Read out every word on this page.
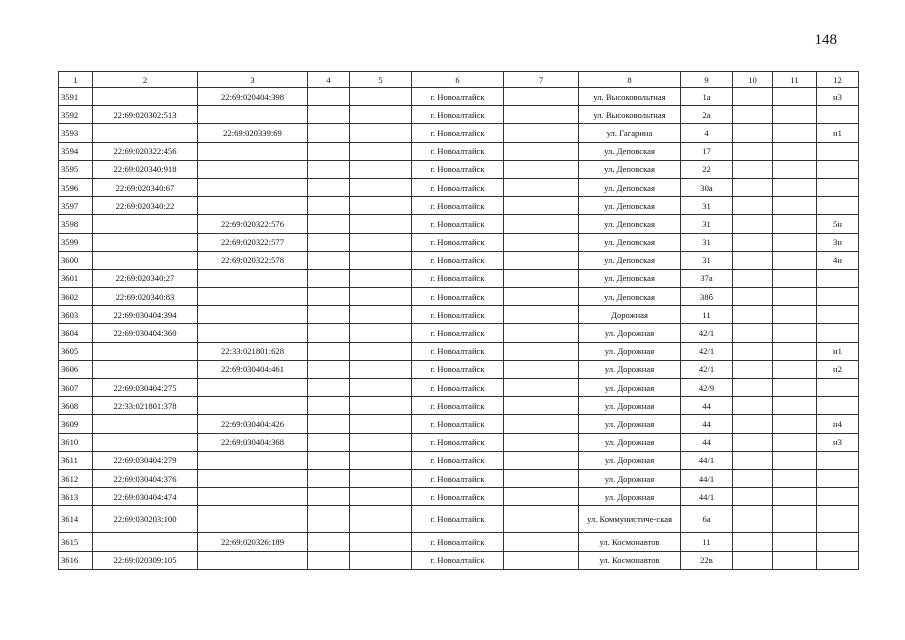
148
1	2	3	4	5	6	7	8	9	10	11	12
3591		22:69:020404:398			г. Новоалтайск		ул. Высоковольтная	1а			н3
3592	22:69:020302:513				г. Новоалтайск		ул. Высоковольтная	2а			
3593		22:69:020339:69			г. Новоалтайск		ул. Гагарина	4			н1
3594	22:69:020322:456				г. Новоалтайск		ул. Деповская	17			
3595	22:69:020340:918				г. Новоалтайск		ул. Деповская	22			
3596	22:69:020340:67				г. Новоалтайск		ул. Деповская	30а			
3597	22:69:020340:22				г. Новоалтайск		ул. Деповская	31			
3598		22:69:020322:576			г. Новоалтайск		ул. Деповская	31			5н
3599		22:69:020322:577			г. Новоалтайск		ул. Деповская	31			3н
3600		22:69:020322:578			г. Новоалтайск		ул. Деповская	31			4н
3601	22:69:020340:27				г. Новоалтайск		ул. Деповская	37а			
3602	22:69:020340:83				г. Новоалтайск		ул. Деповская	38б			
3603	22:69:030404:394				г. Новоалтайск		Дорожная	11			
3604	22:69:030404:360				г. Новоалтайск		ул. Дорожная	42/1			
3605		22:33:021801:628			г. Новоалтайск		ул. Дорожная	42/1			н1
3606		22:69:030404:461			г. Новоалтайск		ул. Дорожная	42/1			н2
3607	22:69:030404:275				г. Новоалтайск		ул. Дорожная	42/9			
3608	22:33:021801:378				г. Новоалтайск		ул. Дорожная	44			
3609		22:69:030404:426			г. Новоалтайск		ул. Дорожная	44			н4
3610		22:69:030404:368			г. Новоалтайск		ул. Дорожная	44			н3
3611	22:69:030404:279				г. Новоалтайск		ул. Дорожная	44/1			
3612	22:69:030404:376				г. Новоалтайск		ул. Дорожная	44/1			
3613	22:69:030404:474				г. Новоалтайск		ул. Дорожная	44/1			
3614	22:69:030203:100				г. Новоалтайск		ул. Коммунистиче-ская	6а			
3615		22:69:020326:189			г. Новоалтайск		ул. Космонавтов	11			
3616	22:69:020309:105				г. Новоалтайск		ул. Космонавтов	22в			
